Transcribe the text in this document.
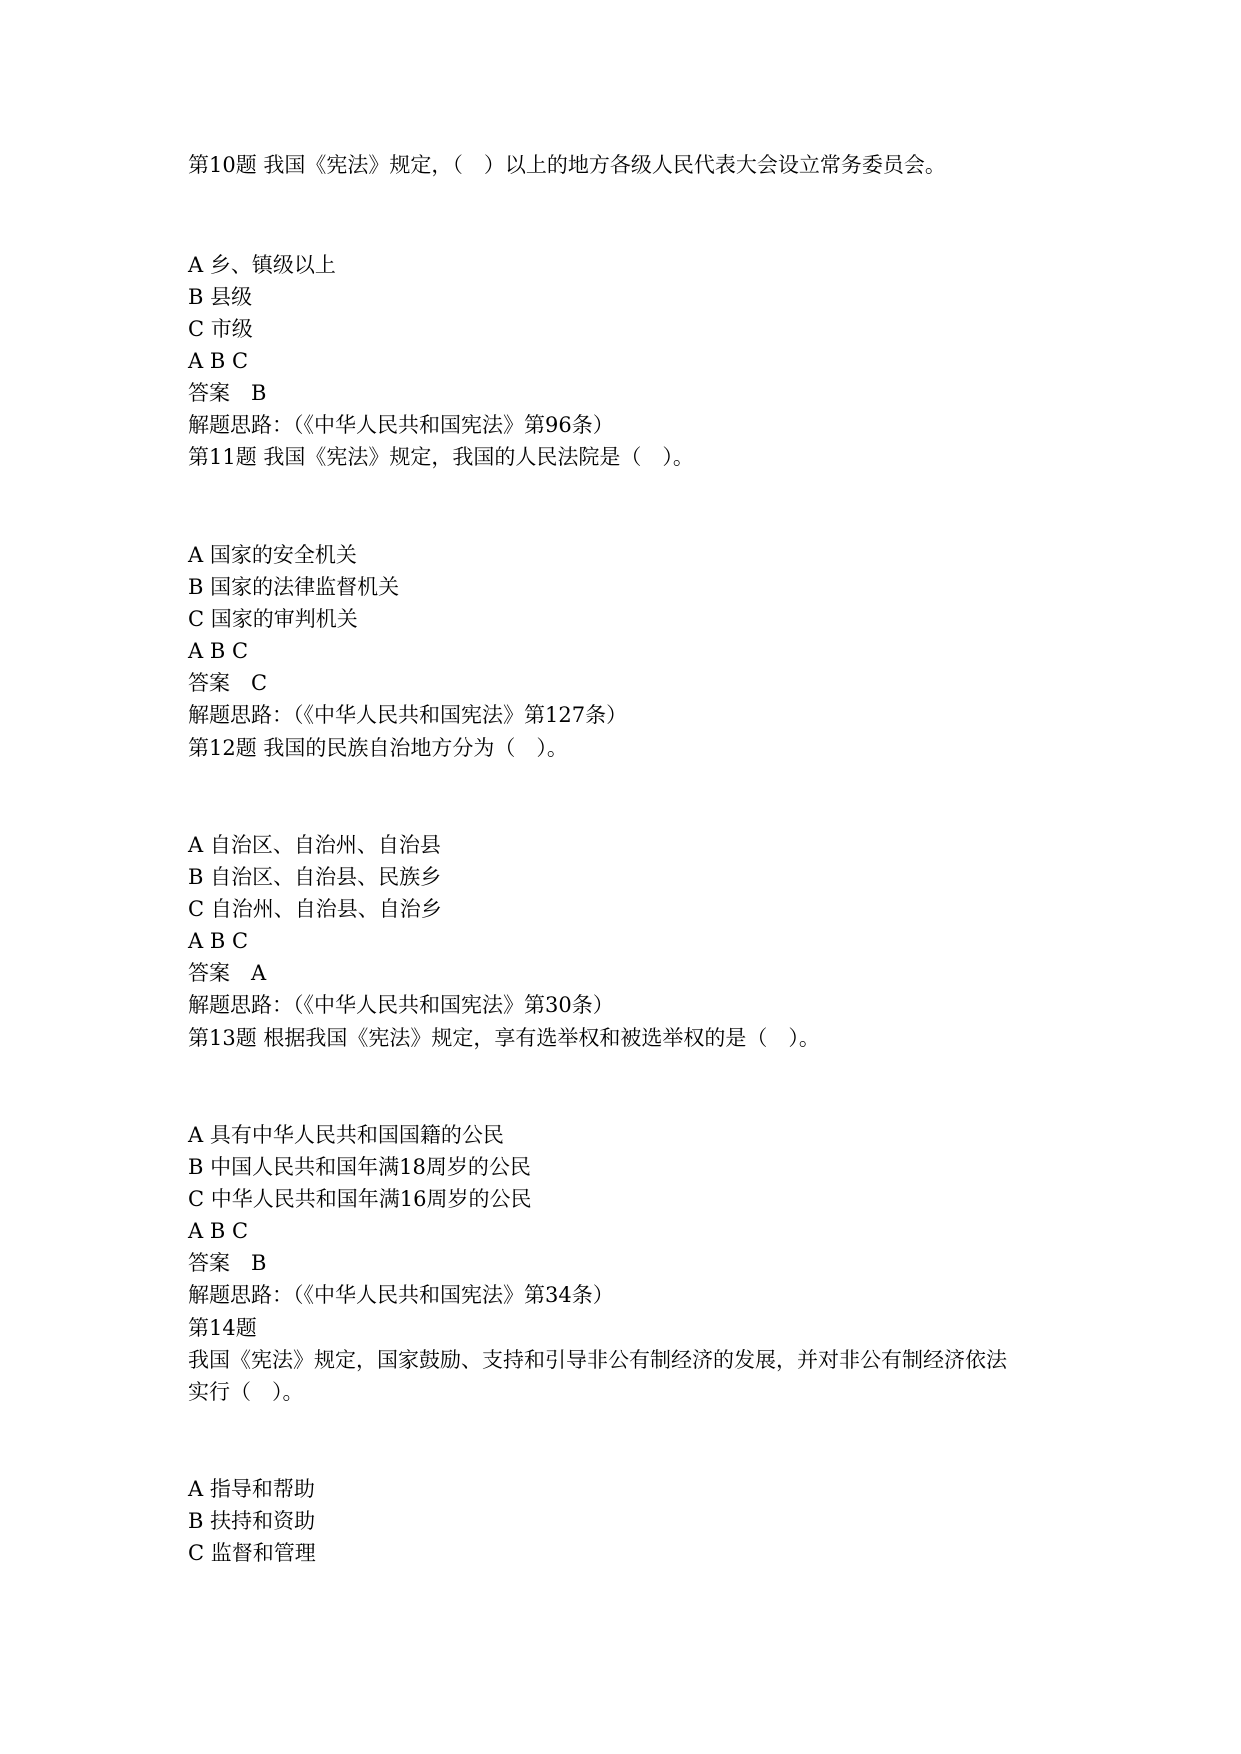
第10题 我国《宪法》规定，（　）以上的地方各级人民代表大会设立常务委员会。
A 乡、镇级以上
B 县级
C 市级
A B C
答案　B
解题思路：（《中华人民共和国宪法》第96条）
第11题 我国《宪法》规定，我国的人民法院是（　）。
A 国家的安全机关
B 国家的法律监督机关
C 国家的审判机关
A B C
答案　C
解题思路：（《中华人民共和国宪法》第127条）
第12题 我国的民族自治地方分为（　）。
A 自治区、自治州、自治县
B 自治区、自治县、民族乡
C 自治州、自治县、自治乡
A B C
答案　A
解题思路：（《中华人民共和国宪法》第30条）
第13题 根据我国《宪法》规定，享有选举权和被选举权的是（　）。
A 具有中华人民共和国国籍的公民
B 中国人民共和国年满18周岁的公民
C 中华人民共和国年满16周岁的公民
A B C
答案　B
解题思路：（《中华人民共和国宪法》第34条）
第14题
我国《宪法》规定，国家鼓励、支持和引导非公有制经济的发展，并对非公有制经济依法
实行（　）。
A 指导和帮助
B 扶持和资助
C 监督和管理
